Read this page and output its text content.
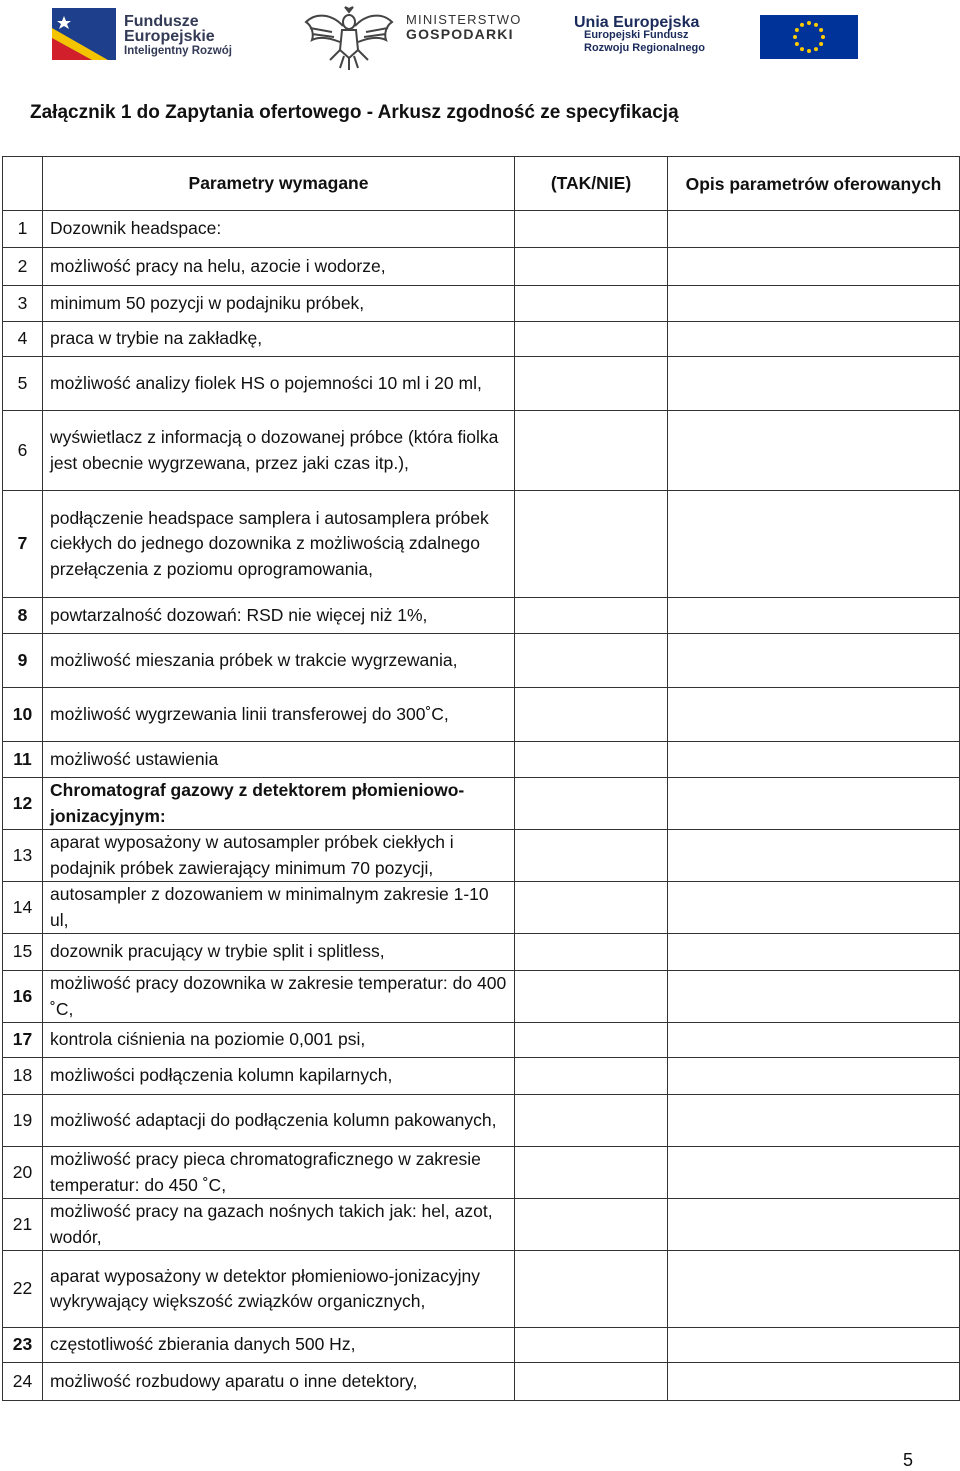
Fundusze
Europejskie
Inteligentny Rozwój
MINISTERSTWO
GOSPODARKI
Unia Europejska
Europejski Fundusz
Rozwoju Regionalnego
Załącznik 1 do Zapytania ofertowego - Arkusz zgodność ze specyfikacją
	Parametry wymagane	(TAK/NIE)	Opis parametrów oferowanych
1	Dozownik headspace:		
2	możliwość pracy na helu, azocie i wodorze,		
3	minimum 50 pozycji w podajniku próbek,		
4	praca w trybie na zakładkę,		
5	możliwość analizy fiolek HS o pojemności 10 ml i 20 ml,		
6	wyświetlacz z informacją o dozowanej próbce (która fiolka jest obecnie wygrzewana, przez jaki czas itp.),		
7	podłączenie headspace samplera i autosamplera próbek ciekłych do jednego dozownika z możliwością zdalnego przełączenia z poziomu oprogramowania,		
8	powtarzalność dozowań: RSD nie więcej niż 1%,		
9	możliwość mieszania próbek w trakcie wygrzewania,		
10	możliwość wygrzewania linii transferowej do 300˚C,		
11	możliwość ustawienia		
12	Chromatograf gazowy z detektorem płomieniowo-jonizacyjnym:		
13	aparat wyposażony w autosampler próbek ciekłych i podajnik próbek zawierający minimum 70 pozycji,		
14	autosampler z dozowaniem w minimalnym zakresie 1-10 ul,		
15	dozownik pracujący w trybie split i splitless,		
16	możliwość pracy dozownika w zakresie temperatur: do 400 ˚C,		
17	kontrola ciśnienia na poziomie 0,001 psi,		
18	możliwości podłączenia kolumn kapilarnych,		
19	możliwość adaptacji do podłączenia kolumn pakowanych,		
20	możliwość pracy pieca chromatograficznego w zakresie temperatur: do 450 ˚C,		
21	możliwość pracy na gazach nośnych takich jak: hel, azot, wodór,		
22	aparat wyposażony w detektor płomieniowo-jonizacyjny wykrywający większość związków organicznych,		
23	częstotliwość zbierania danych 500 Hz,		
24	możliwość rozbudowy aparatu o inne detektory,		
5
